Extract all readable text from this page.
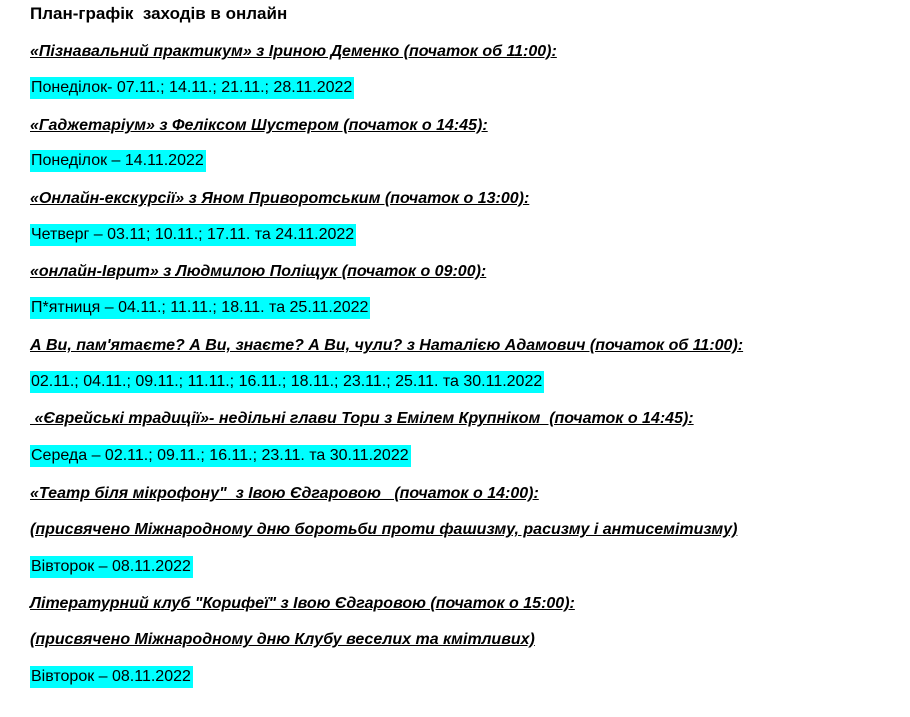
План-графік  заходів в онлайн
«Пізнавальний практикум» з Іриною Деменко (початок об 11:00):
Понеділок- 07.11.; 14.11.; 21.11.; 28.11.2022
«Гаджетаріум» з Феліксом Шустером (початок о 14:45):
Понеділок – 14.11.2022
«Онлайн-екскурсії» з Яном Приворотським (початок о 13:00):
Четверг – 03.11; 10.11.; 17.11. та 24.11.2022
«онлайн-Іврит» з Людмилою Поліщук (початок о 09:00):
П*ятниця – 04.11.; 11.11.; 18.11. та 25.11.2022
А Ви, пам'ятаєте? А Ви, знаєте? А Ви, чули? з Наталією Адамович (початок об 11:00):
02.11.; 04.11.; 09.11.; 11.11.; 16.11.; 18.11.; 23.11.; 25.11. та 30.11.2022
«Єврейські традиції»- недільні глави Тори з Емілем Крупніком  (початок о 14:45):
Середа – 02.11.; 09.11.; 16.11.; 23.11. та 30.11.2022
«Театр біля мікрофону"  з Івою Єдгаровою   (початок о 14:00):
(присвячено Міжнародному дню боротьби проти фашизму, расизму і антисемітизму)
Вівторок – 08.11.2022
Літературний клуб "Корифеї" з Івою Єдгаровою (початок о 15:00):
(присвячено Міжнародному дню Клубу веселих та кмітливих)
Вівторок – 08.11.2022
